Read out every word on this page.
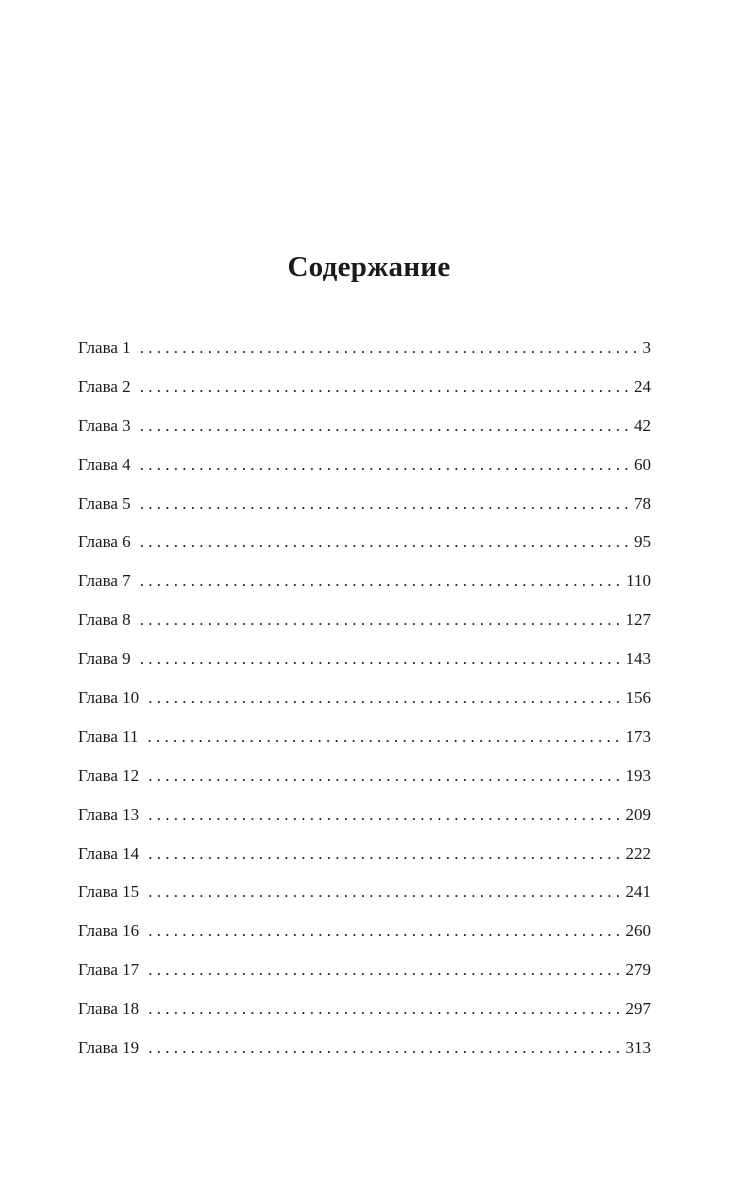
Содержание
Глава 1 . . .	3
Глава 2 . . .	24
Глава 3 . . .	42
Глава 4 . . .	60
Глава 5 . . .	78
Глава 6 . . .	95
Глава 7 . . .	110
Глава 8 . . .	127
Глава 9 . . .	143
Глава 10 . . .	156
Глава 11 . . .	173
Глава 12 . . .	193
Глава 13 . . .	209
Глава 14 . . .	222
Глава 15 . . .	241
Глава 16 . . .	260
Глава 17 . . .	279
Глава 18 . . .	297
Глава 19 . . .	313
